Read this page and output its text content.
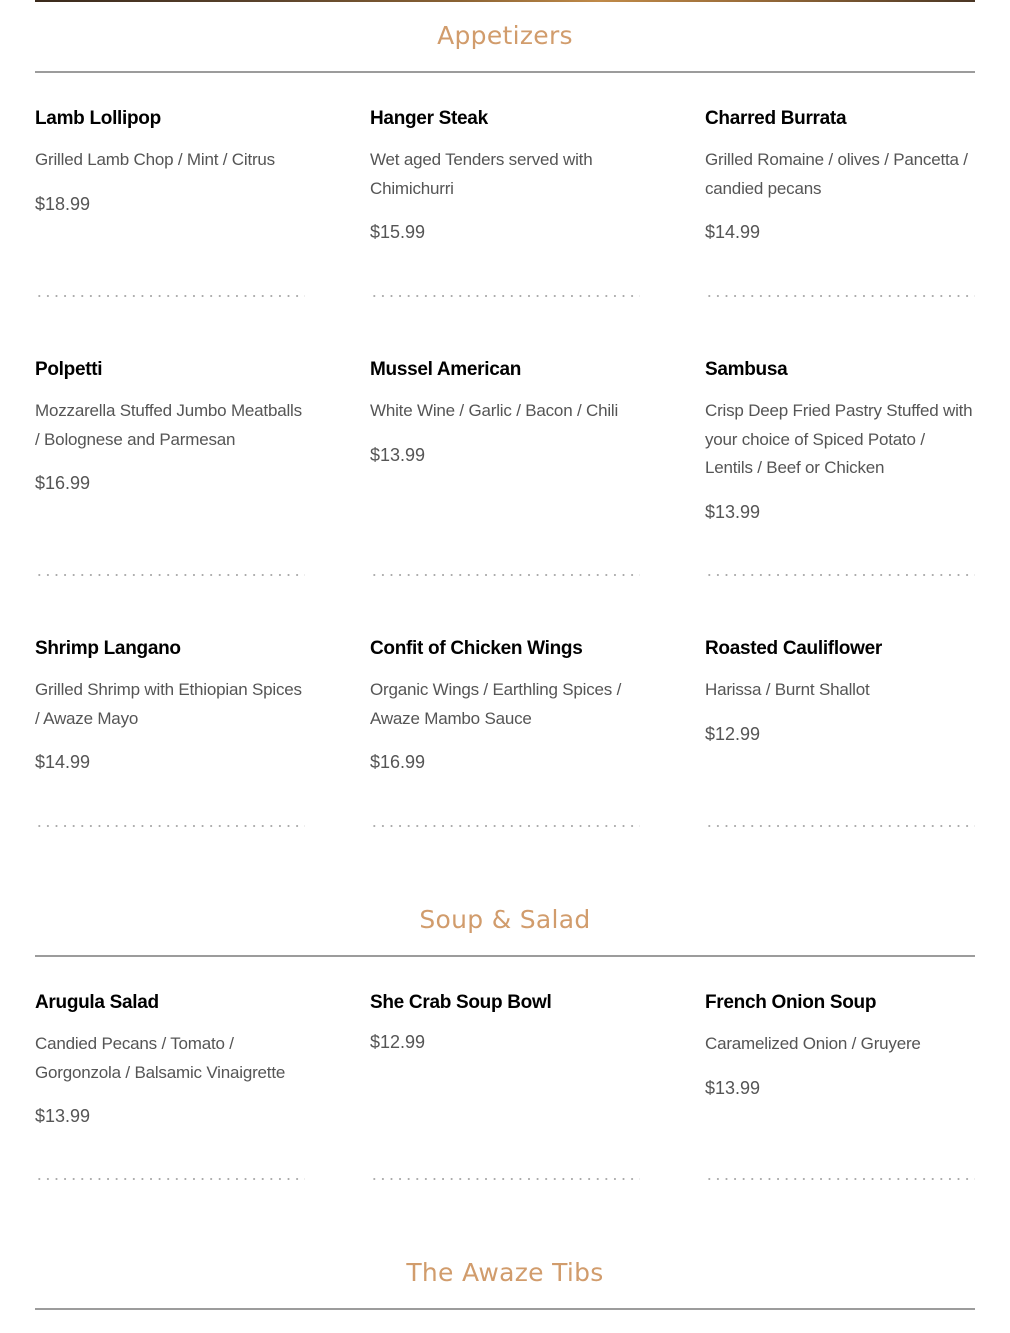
Appetizers
Lamb Lollipop

Grilled Lamb Chop / Mint / Citrus

$18.99

Hanger Steak

Wet aged Tenders served with Chimichurri

$15.99

Charred Burrata

Grilled Romaine / olives / Pancetta / candied pecans

$14.99

Polpetti

Mozzarella Stuffed Jumbo Meatballs / Bolognese and Parmesan

$16.99

Mussel American

White Wine / Garlic / Bacon / Chili

$13.99

Sambusa

Crisp Deep Fried Pastry Stuffed with your choice of Spiced Potato / Lentils / Beef or Chicken

$13.99

Shrimp Langano

Grilled Shrimp with Ethiopian Spices / Awaze Mayo

$14.99

Confit of Chicken Wings

Organic Wings / Earthling Spices / Awaze Mambo Sauce

$16.99

Roasted Cauliflower

Harissa / Burnt Shallot

$12.99

Soup & Salad
Arugula Salad

Candied Pecans / Tomato / Gorgonzola / Balsamic Vinaigrette

$13.99

She Crab Soup Bowl

$12.99

French Onion Soup

Caramelized Onion / Gruyere

$13.99

The Awaze Tibs
